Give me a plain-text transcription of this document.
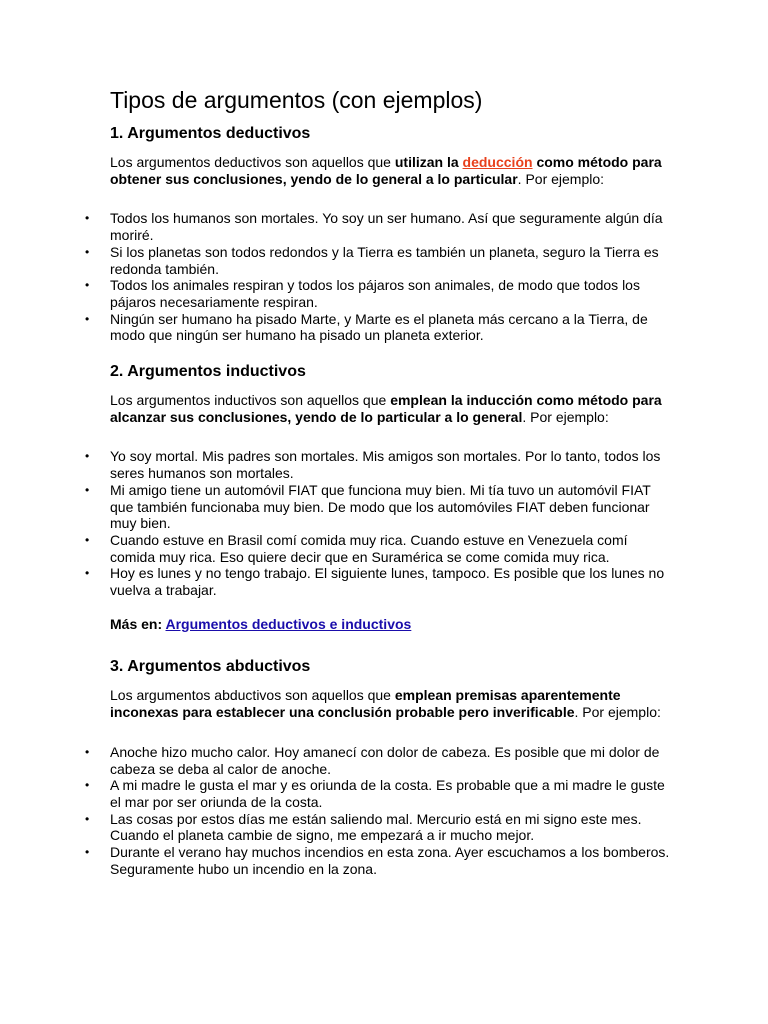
Tipos de argumentos (con ejemplos)
1. Argumentos deductivos

Los argumentos deductivos son aquellos que utilizan la deducción como método para obtener sus conclusiones, yendo de lo general a lo particular. Por ejemplo:

• Todos los humanos son mortales. Yo soy un ser humano. Así que seguramente algún día moriré.
• Si los planetas son todos redondos y la Tierra es también un planeta, seguro la Tierra es redonda también.
• Todos los animales respiran y todos los pájaros son animales, de modo que todos los pájaros necesariamente respiran.
• Ningún ser humano ha pisado Marte, y Marte es el planeta más cercano a la Tierra, de modo que ningún ser humano ha pisado un planeta exterior.
2. Argumentos inductivos

Los argumentos inductivos son aquellos que emplean la inducción como método para alcanzar sus conclusiones, yendo de lo particular a lo general. Por ejemplo:

• Yo soy mortal. Mis padres son mortales. Mis amigos son mortales. Por lo tanto, todos los seres humanos son mortales.
• Mi amigo tiene un automóvil FIAT que funciona muy bien. Mi tía tuvo un automóvil FIAT que también funcionaba muy bien. De modo que los automóviles FIAT deben funcionar muy bien.
• Cuando estuve en Brasil comí comida muy rica. Cuando estuve en Venezuela comí comida muy rica. Eso quiere decir que en Suramérica se come comida muy rica.
• Hoy es lunes y no tengo trabajo. El siguiente lunes, tampoco. Es posible que los lunes no vuelva a trabajar.

Más en: Argumentos deductivos e inductivos

3. Argumentos abductivos

Los argumentos abductivos son aquellos que emplean premisas aparentemente inconexas para establecer una conclusión probable pero inverificable. Por ejemplo:

• Anoche hizo mucho calor. Hoy amanecí con dolor de cabeza. Es posible que mi dolor de cabeza se deba al calor de anoche.
• A mi madre le gusta el mar y es oriunda de la costa. Es probable que a mi madre le guste el mar por ser oriunda de la costa.
• Las cosas por estos días me están saliendo mal. Mercurio está en mi signo este mes. Cuando el planeta cambie de signo, me empezará a ir mucho mejor.
• Durante el verano hay muchos incendios en esta zona. Ayer escuchamos a los bomberos. Seguramente hubo un incendio en la zona.
